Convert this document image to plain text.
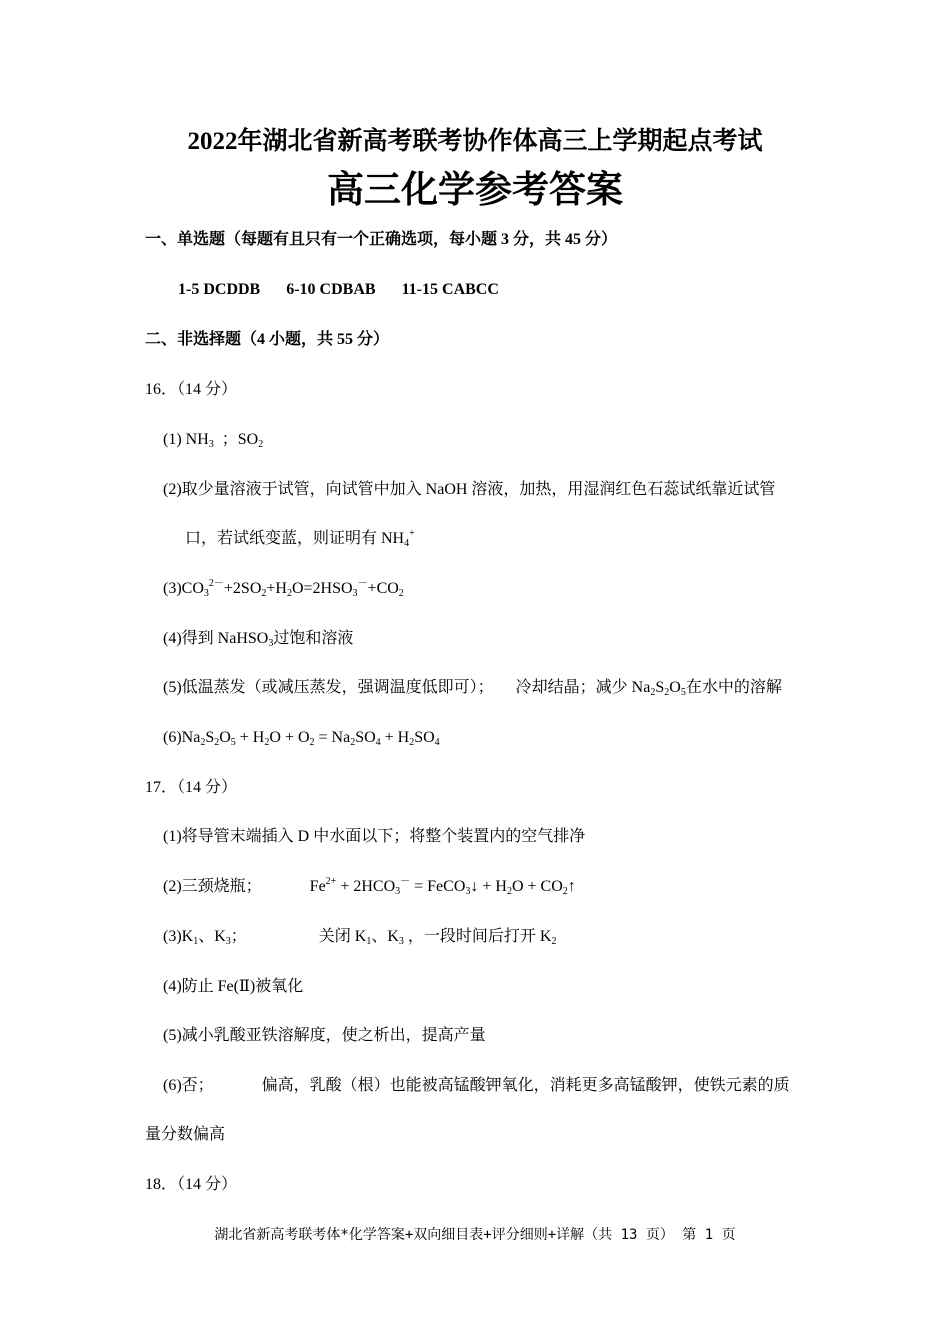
2022年湖北省新高考联考协作体高三上学期起点考试
高三化学参考答案
一、单选题（每题有且只有一个正确选项，每小题 3 分，共 45 分）
1-5 DCDDB 6-10 CDBAB 11-15 CABCC
二、非选择题（4 小题，共 55 分）
16．（14 分）
(1) $NH_3$ ；$SO_2$
(2)取少量溶液于试管，向试管中加入 NaOH 溶液，加热，用湿润红色石蕊试纸靠近试管
口，若试纸变蓝，则证明有 $NH_4^+$
$(3)CO_3^{2-}+2SO_2+H_2O=2HSO_3^-+CO_2$
(4)得到 NaHSO$_3$过饱和溶液
(5)低温蒸发（或减压蒸发，强调温度低即可）； 冷却结晶；减少 $Na_2S_2O_5$在水中的溶解
$(6)Na_2S_2O_5 + H_2O + O_2 = Na_2SO_4 + H_2SO_4$
17．（14 分）
(1)将导管末端插入 D 中水面以下；将整个装置内的空气排净
(2)三颈烧瓶；	$Fe^{2+} + 2HCO_3^-$ = FeCO$_3$↓ + $H_2O$ + $CO_2↑$
$(3)K_1$、$K_3$；	关闭 $K_1$、$K_3$ ，一段时间后打开 $K_2$
(4)防止 Fe(Ⅱ)被氧化
(5)减小乳酸亚铁溶解度，使之析出，提高产量
(6)否；	偏高，乳酸（根）也能被高锰酸钾氧化，消耗更多高锰酸钾，使铁元素的质
量分数偏高
18．（14 分）
湖北省新高考联考体*化学答案+双向细目表+评分细则+详解（共 13 页） 第 1 页
